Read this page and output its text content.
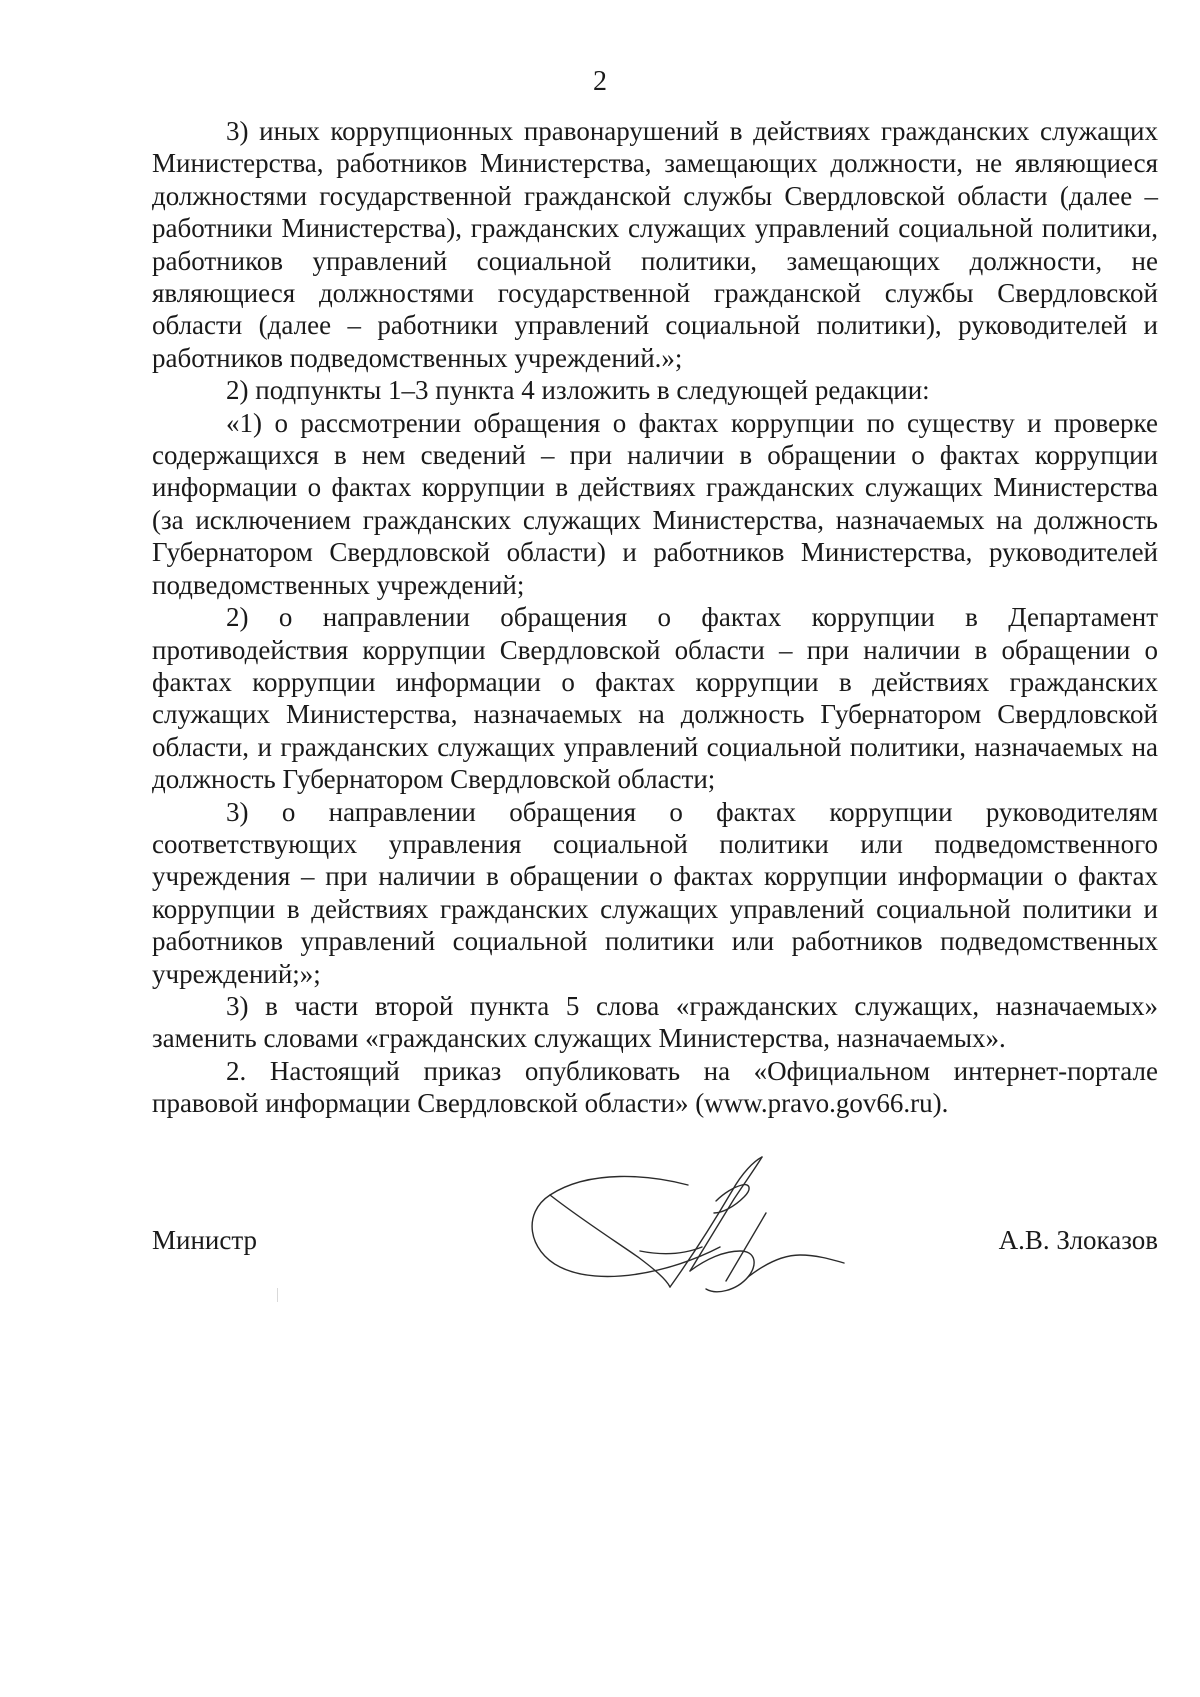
2

3) иных коррупционных правонарушений в действиях гражданских служащих Министерства, работников Министерства, замещающих должности, не являющиеся должностями государственной гражданской службы Свердловской области (далее – работники Министерства), гражданских служащих управлений социальной политики, работников управлений социальной политики, замещающих должности, не являющиеся должностями государственной гражданской службы Свердловской области (далее – работники управлений социальной политики), руководителей и работников подведомственных учреждений.»;

2) подпункты 1–3 пункта 4 изложить в следующей редакции:

«1) о рассмотрении обращения о фактах коррупции по существу и проверке содержащихся в нем сведений – при наличии в обращении о фактах коррупции информации о фактах коррупции в действиях гражданских служащих Министерства (за исключением гражданских служащих Министерства, назначаемых на должность Губернатором Свердловской области) и работников Министерства, руководителей подведомственных учреждений;

2) о направлении обращения о фактах коррупции в Департамент противодействия коррупции Свердловской области – при наличии в обращении о фактах коррупции информации о фактах коррупции в действиях гражданских служащих Министерства, назначаемых на должность Губернатором Свердловской области, и гражданских служащих управлений социальной политики, назначаемых на должность Губернатором Свердловской области;

3) о направлении обращения о фактах коррупции руководителям соответствующих управления социальной политики или подведомственного учреждения – при наличии в обращении о фактах коррупции информации о фактах коррупции в действиях гражданских служащих управлений социальной политики и работников управлений социальной политики или работников подведомственных учреждений;»;

3) в части второй пункта 5 слова «гражданских служащих, назначаемых» заменить словами «гражданских служащих Министерства, назначаемых».

2. Настоящий приказ опубликовать на «Официальном интернет-портале правовой информации Свердловской области» (www.pravo.gov66.ru).

Министр	А.В. Злоказов
